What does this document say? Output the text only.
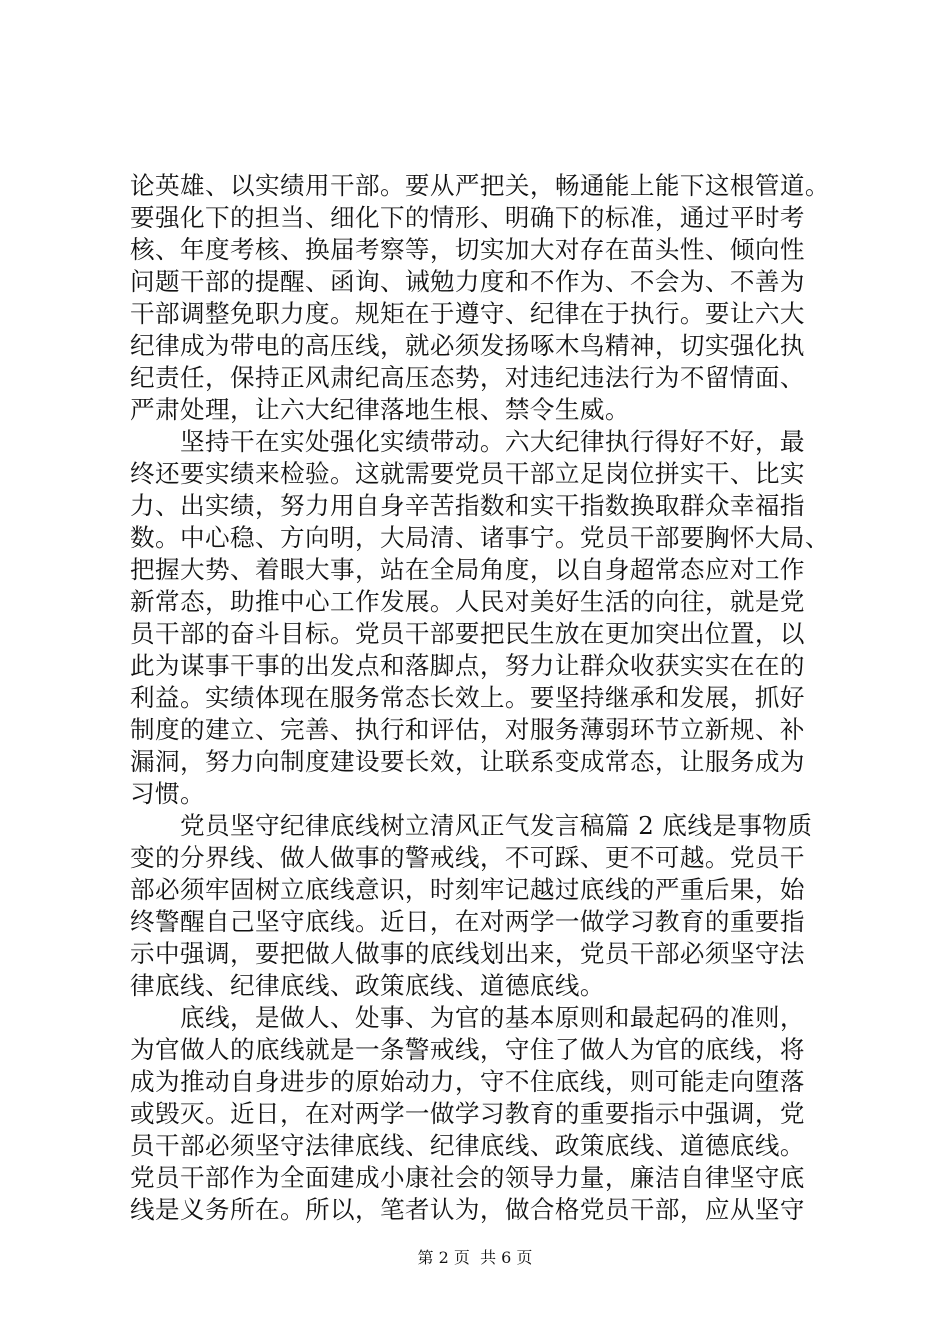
论英雄、以实绩用干部。要从严把关，畅通能上能下这根管道。
要强化下的担当、细化下的情形、明确下的标准，通过平时考
核、年度考核、换届考察等，切实加大对存在苗头性、倾向性
问题干部的提醒、函询、诫勉力度和不作为、不会为、不善为
干部调整免职力度。规矩在于遵守、纪律在于执行。要让六大
纪律成为带电的高压线，就必须发扬啄木鸟精神，切实强化执
纪责任，保持正风肃纪高压态势，对违纪违法行为不留情面、
严肃处理，让六大纪律落地生根、禁令生威。
　　坚持干在实处强化实绩带动。六大纪律执行得好不好，最
终还要实绩来检验。这就需要党员干部立足岗位拼实干、比实
力、出实绩，努力用自身辛苦指数和实干指数换取群众幸福指
数。中心稳、方向明，大局清、诸事宁。党员干部要胸怀大局、
把握大势、着眼大事，站在全局角度，以自身超常态应对工作
新常态，助推中心工作发展。人民对美好生活的向往，就是党
员干部的奋斗目标。党员干部要把民生放在更加突出位置，以
此为谋事干事的出发点和落脚点，努力让群众收获实实在在的
利益。实绩体现在服务常态长效上。要坚持继承和发展，抓好
制度的建立、完善、执行和评估，对服务薄弱环节立新规、补
漏洞，努力向制度建设要长效，让联系变成常态，让服务成为
习惯。
　　党员坚守纪律底线树立清风正气发言稿篇 2 底线是事物质
变的分界线、做人做事的警戒线，不可踩、更不可越。党员干
部必须牢固树立底线意识，时刻牢记越过底线的严重后果，始
终警醒自己坚守底线。近日，在对两学一做学习教育的重要指
示中强调，要把做人做事的底线划出来，党员干部必须坚守法
律底线、纪律底线、政策底线、道德底线。
　　底线，是做人、处事、为官的基本原则和最起码的准则，
为官做人的底线就是一条警戒线，守住了做人为官的底线，将
成为推动自身进步的原始动力，守不住底线，则可能走向堕落
或毁灭。近日，在对两学一做学习教育的重要指示中强调，党
员干部必须坚守法律底线、纪律底线、政策底线、道德底线。
党员干部作为全面建成小康社会的领导力量，廉洁自律坚守底
线是义务所在。所以，笔者认为，做合格党员干部，应从坚守
第 2 页  共 6 页
